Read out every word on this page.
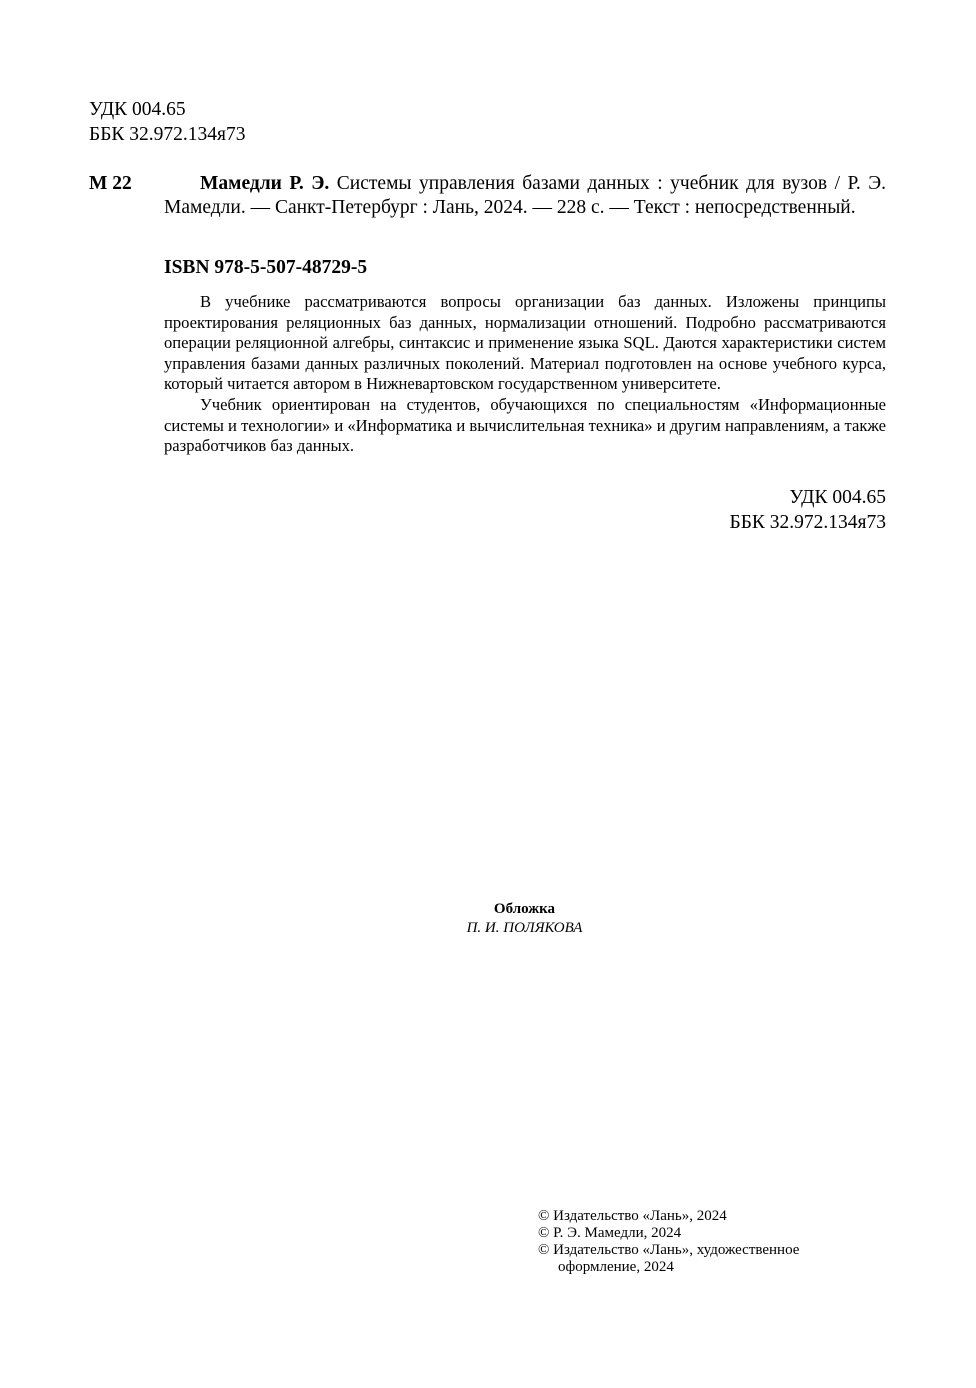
УДК 004.65
ББК 32.972.134я73
М 22	Мамедли Р. Э. Системы управления базами данных : учебник для вузов / Р. Э. Мамедли. — Санкт-Петербург : Лань, 2024. — 228 с. — Текст : непосредственный.
ISBN 978-5-507-48729-5

В учебнике рассматриваются вопросы организации баз данных. Изложены принципы проектирования реляционных баз данных, нормализации отношений. Подробно рассматриваются операции реляционной алгебры, синтаксис и применение языка SQL. Даются характеристики систем управления базами данных различных поколений. Материал подготовлен на основе учебного курса, который читается автором в Нижневартовском государственном университете.

Учебник ориентирован на студентов, обучающихся по специальностям «Информационные системы и технологии» и «Информатика и вычислительная техника» и другим направлениям, а также разработчиков баз данных.

УДК 004.65
ББК 32.972.134я73
Обложка
П. И. ПОЛЯКОВА
© Издательство «Лань», 2024
© Р. Э. Мамедли, 2024
© Издательство «Лань», художественное
оформление, 2024
